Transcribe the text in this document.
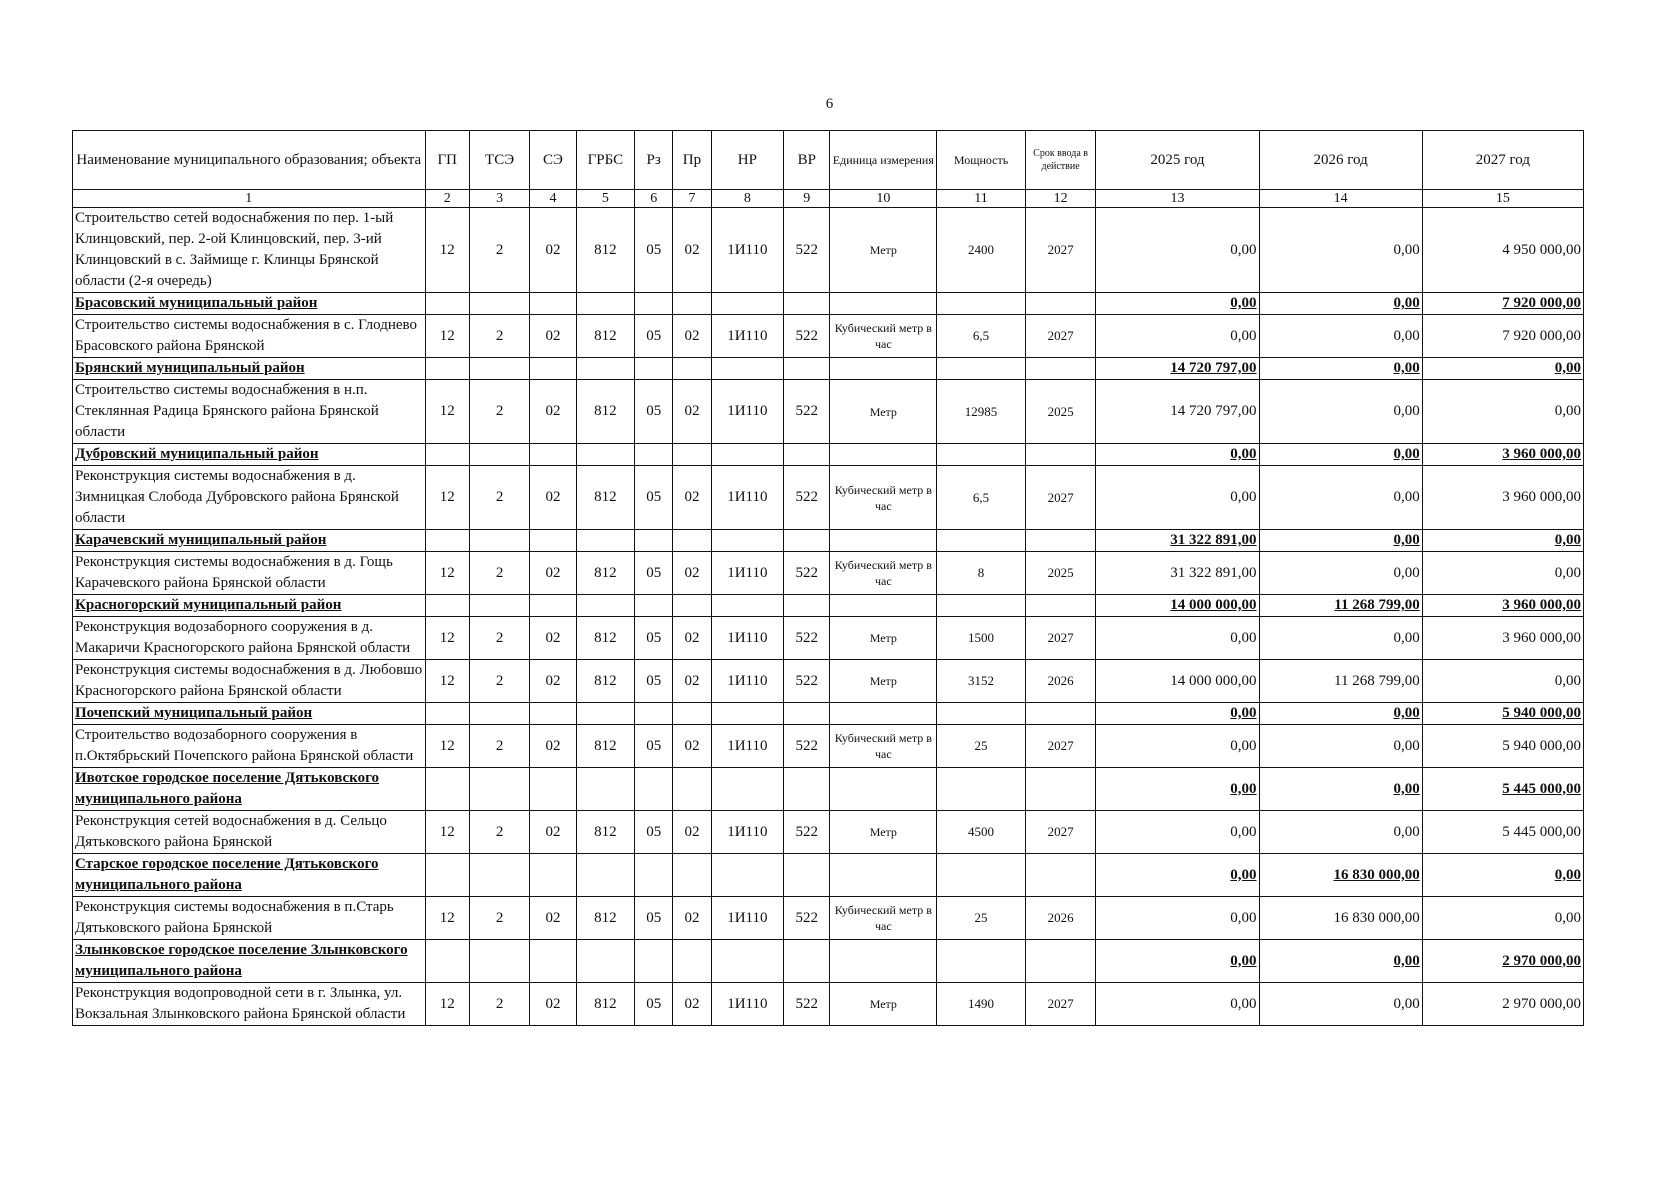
6
Наименование муниципального образования; объекта	ГП	ТСЭ	СЭ	ГРБС	Рз	Пр	НР	ВР	Единица измерения	Мощность	Срок ввода в действие	2025 год	2026 год	2027 год
1	2	3	4	5	6	7	8	9	10	11	12	13	14	15
Строительство сетей водоснабжения по пер. 1-ый Клинцовский, пер. 2-ой Клинцовский, пер. 3-ий Клинцовский в с. Займище г. Клинцы Брянской области (2-я очередь)	12	2	02	812	05	02	1И110	522	Метр	2400	2027	0,00	0,00	4 950 000,00
Брасовский муниципальный район												0,00	0,00	7 920 000,00
Строительство системы водоснабжения в с. Глоднево Брасовского района Брянской	12	2	02	812	05	02	1И110	522	Кубический метр в час	6,5	2027	0,00	0,00	7 920 000,00
Брянский муниципальный район												14 720 797,00	0,00	0,00
Строительство системы водоснабжения в н.п. Стеклянная Радица Брянского района Брянской области	12	2	02	812	05	02	1И110	522	Метр	12985	2025	14 720 797,00	0,00	0,00
Дубровский муниципальный район												0,00	0,00	3 960 000,00
Реконструкция системы водоснабжения в д. Зимницкая Слобода Дубровского района Брянской области	12	2	02	812	05	02	1И110	522	Кубический метр в час	6,5	2027	0,00	0,00	3 960 000,00
Карачевский муниципальный район												31 322 891,00	0,00	0,00
Реконструкция системы водоснабжения в д. Гощь Карачевского района Брянской области	12	2	02	812	05	02	1И110	522	Кубический метр в час	8	2025	31 322 891,00	0,00	0,00
Красногорский муниципальный район												14 000 000,00	11 268 799,00	3 960 000,00
Реконструкция водозаборного сооружения в д. Макаричи Красногорского района Брянской области	12	2	02	812	05	02	1И110	522	Метр	1500	2027	0,00	0,00	3 960 000,00
Реконструкция системы водоснабжения в д. Любовшо Красногорского района Брянской области	12	2	02	812	05	02	1И110	522	Метр	3152	2026	14 000 000,00	11 268 799,00	0,00
Почепский муниципальный район												0,00	0,00	5 940 000,00
Строительство водозаборного сооружения в п.Октябрьский Почепского района Брянской области	12	2	02	812	05	02	1И110	522	Кубический метр в час	25	2027	0,00	0,00	5 940 000,00
Ивотское городское поселение Дятьковского муниципального района												0,00	0,00	5 445 000,00
Реконструкция сетей водоснабжения в д. Сельцо Дятьковского района Брянской	12	2	02	812	05	02	1И110	522	Метр	4500	2027	0,00	0,00	5 445 000,00
Старское городское поселение Дятьковского муниципального района												0,00	16 830 000,00	0,00
Реконструкция системы водоснабжения в п.Старь Дятьковского района Брянской	12	2	02	812	05	02	1И110	522	Кубический метр в час	25	2026	0,00	16 830 000,00	0,00
Злынковское городское поселение Злынковского муниципального района												0,00	0,00	2 970 000,00
Реконструкция водопроводной сети в г. Злынка, ул. Вокзальная Злынковского района Брянской области	12	2	02	812	05	02	1И110	522	Метр	1490	2027	0,00	0,00	2 970 000,00
